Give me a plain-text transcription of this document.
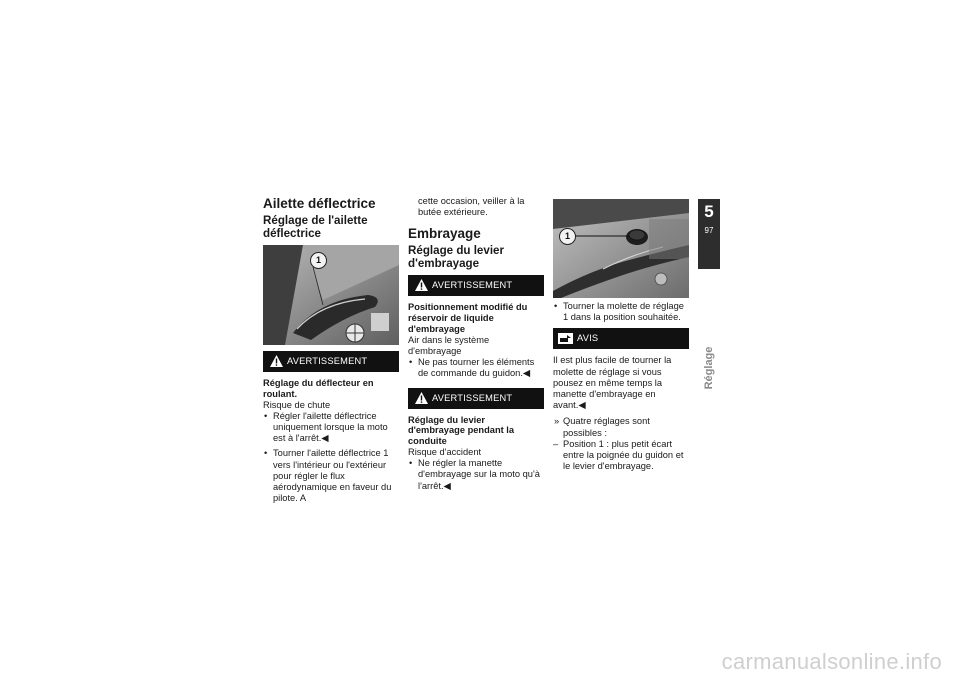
Ailette déflectrice
Réglage de l'ailette déflectrice
1
AVERTISSEMENT
Réglage du déflecteur en roulant.

Risque de chute

• Régler l'ailette déflectrice uniquement lorsque la moto est à l'arrêt.◀

• Tourner l'ailette déflectrice 1 vers l'intérieur ou l'extérieur pour régler le flux aérodynamique en faveur du pilote. A

cette occasion, veiller à la butée extérieure.

Embrayage
Réglage du levier d'embrayage
AVERTISSEMENT
Positionnement modifié du réservoir de liquide d'embrayage

Air dans le système d'embrayage

• Ne pas tourner les éléments de commande du guidon.◀

AVERTISSEMENT
Réglage du levier d'embrayage pendant la conduite

Risque d'accident

• Ne régler la manette d'embrayage sur la moto qu'à l'arrêt.◀

1

• Tourner la molette de réglage 1 dans la position souhaitée.

AVIS

Il est plus facile de tourner la molette de réglage si vous pousez en même temps la manette d'embrayage en avant.◀

» Quatre réglages sont possibles :
– Position 1 : plus petit écart entre la poignée du guidon et le levier d'embrayage.
5
97
Réglage
carmanualsonline.info
